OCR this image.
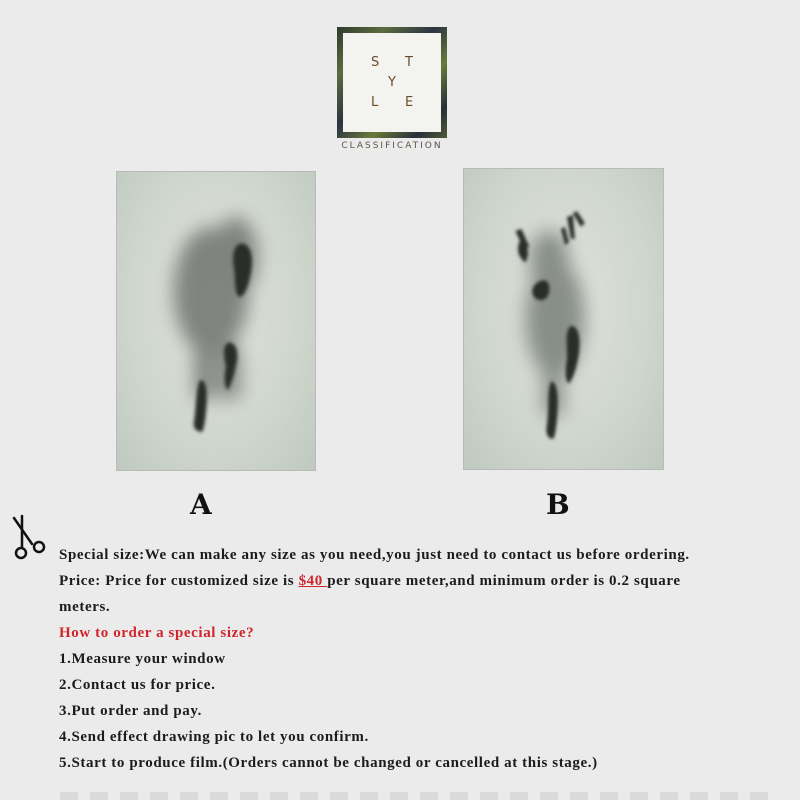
S T
Y
L E
CLASSIFICATION
A	B
Special size:We can make any size as you need,you just need to contact us before ordering.
Price: Price for customized size is $40 per square meter,and minimum order is 0.2 square
meters.
How to order a special size?
1.Measure your window
2.Contact us for price.
3.Put order and pay.
4.Send effect drawing pic to let you confirm.
5.Start to produce film.(Orders cannot be changed or cancelled at this stage.)
